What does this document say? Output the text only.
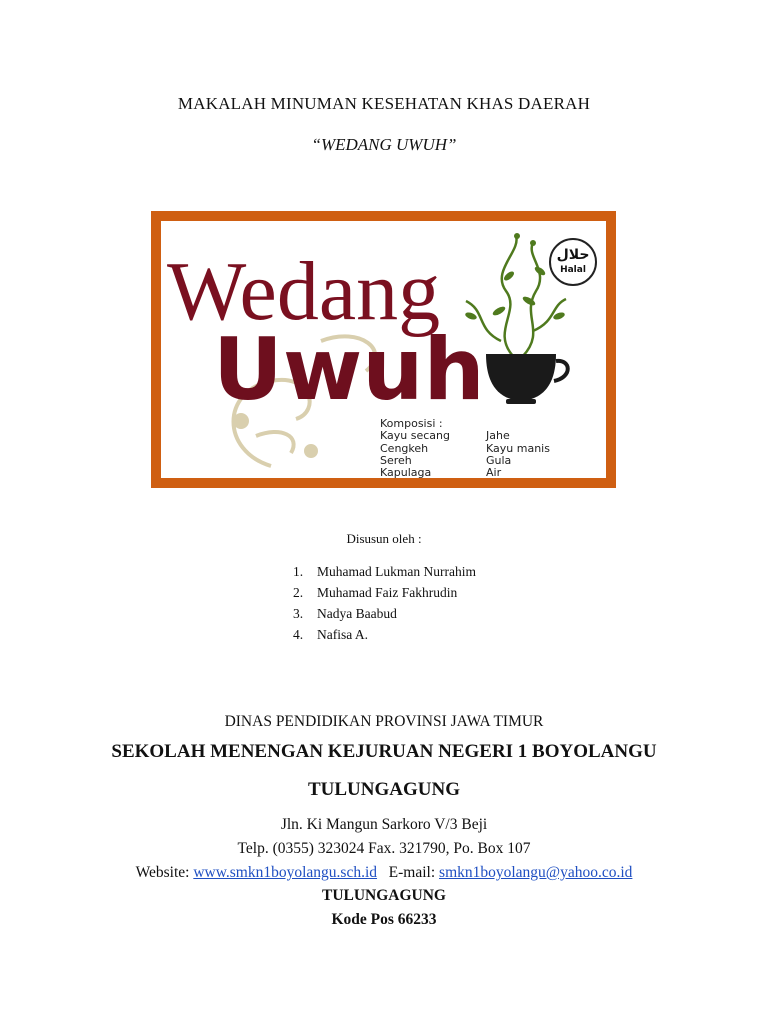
MAKALAH MINUMAN KESEHATAN KHAS DAERAH
“WEDANG UWUH”
Wedang
Uwuh
حلال
Halal
Komposisi :
Kayu secang	Jahe
Cengkeh	Kayu manis
Sereh	Gula
Kapulaga	Air
Disusun oleh :
1. Muhamad Lukman Nurrahim
2. Muhamad Faiz Fakhrudin
3. Nadya Baabud
4. Nafisa A.
DINAS PENDIDIKAN PROVINSI JAWA TIMUR
SEKOLAH MENENGAN KEJURUAN NEGERI 1 BOYOLANGU
TULUNGAGUNG
Jln. Ki Mangun Sarkoro V/3 Beji
Telp. (0355) 323024 Fax. 321790, Po. Box 107
Website: www.smkn1boyolangu.sch.id   E-mail: smkn1boyolangu@yahoo.co.id
TULUNGAGUNG
Kode Pos 66233
